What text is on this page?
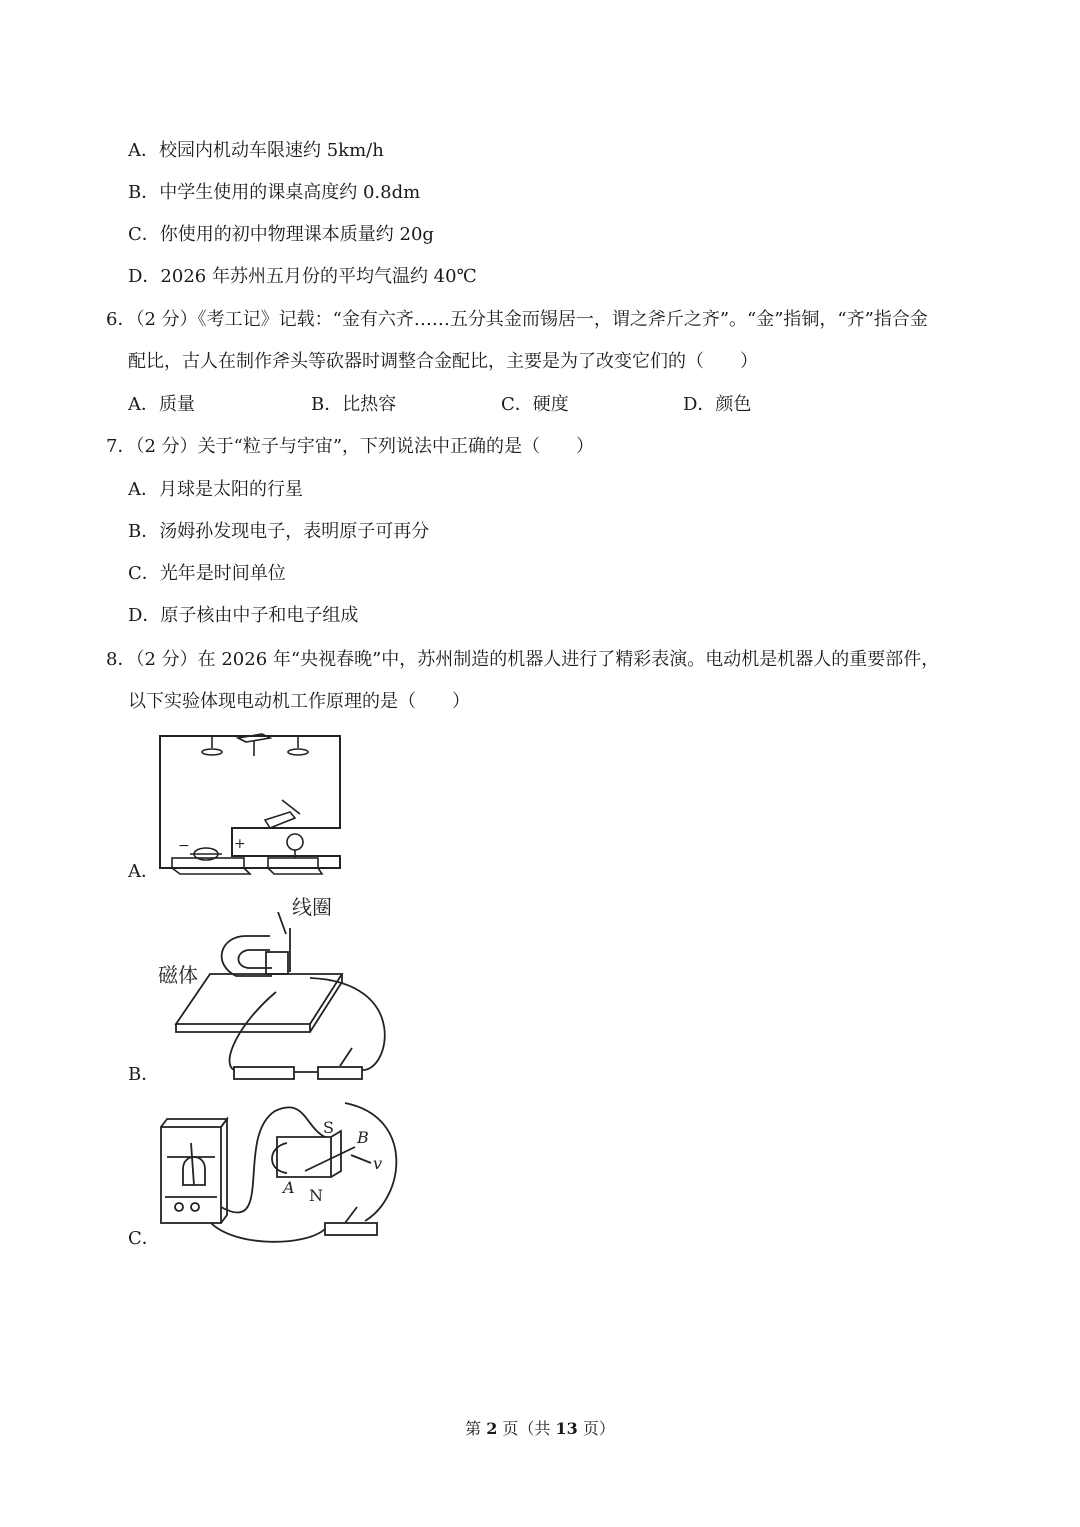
A．校园内机动车限速约 5km/h
B．中学生使用的课桌高度约 0.8dm
C．你使用的初中物理课本质量约 20g
D．2026 年苏州五月份的平均气温约 40℃
6．（2 分）《考工记》记载：“金有六齐……五分其金而锡居一，谓之斧斤之齐”。“金”指铜，“齐”指合金
配比，古人在制作斧头等砍器时调整合金配比，主要是为了改变它们的（　　）
A．质量	B．比热容	C．硬度	D．颜色
7．（2 分）关于“粒子与宇宙”，下列说法中正确的是（　　）
A．月球是太阳的行星
B．汤姆孙发现电子，表明原子可再分
C．光年是时间单位
D．原子核由中子和电子组成
8．（2 分）在 2026 年“央视春晚”中，苏州制造的机器人进行了精彩表演。电动机是机器人的重要部件，
以下实验体现电动机工作原理的是（　　）
−	+
A．
线圈
磁体
B．
S
N
A
B
v
C．
第 2 页（共 13 页）
